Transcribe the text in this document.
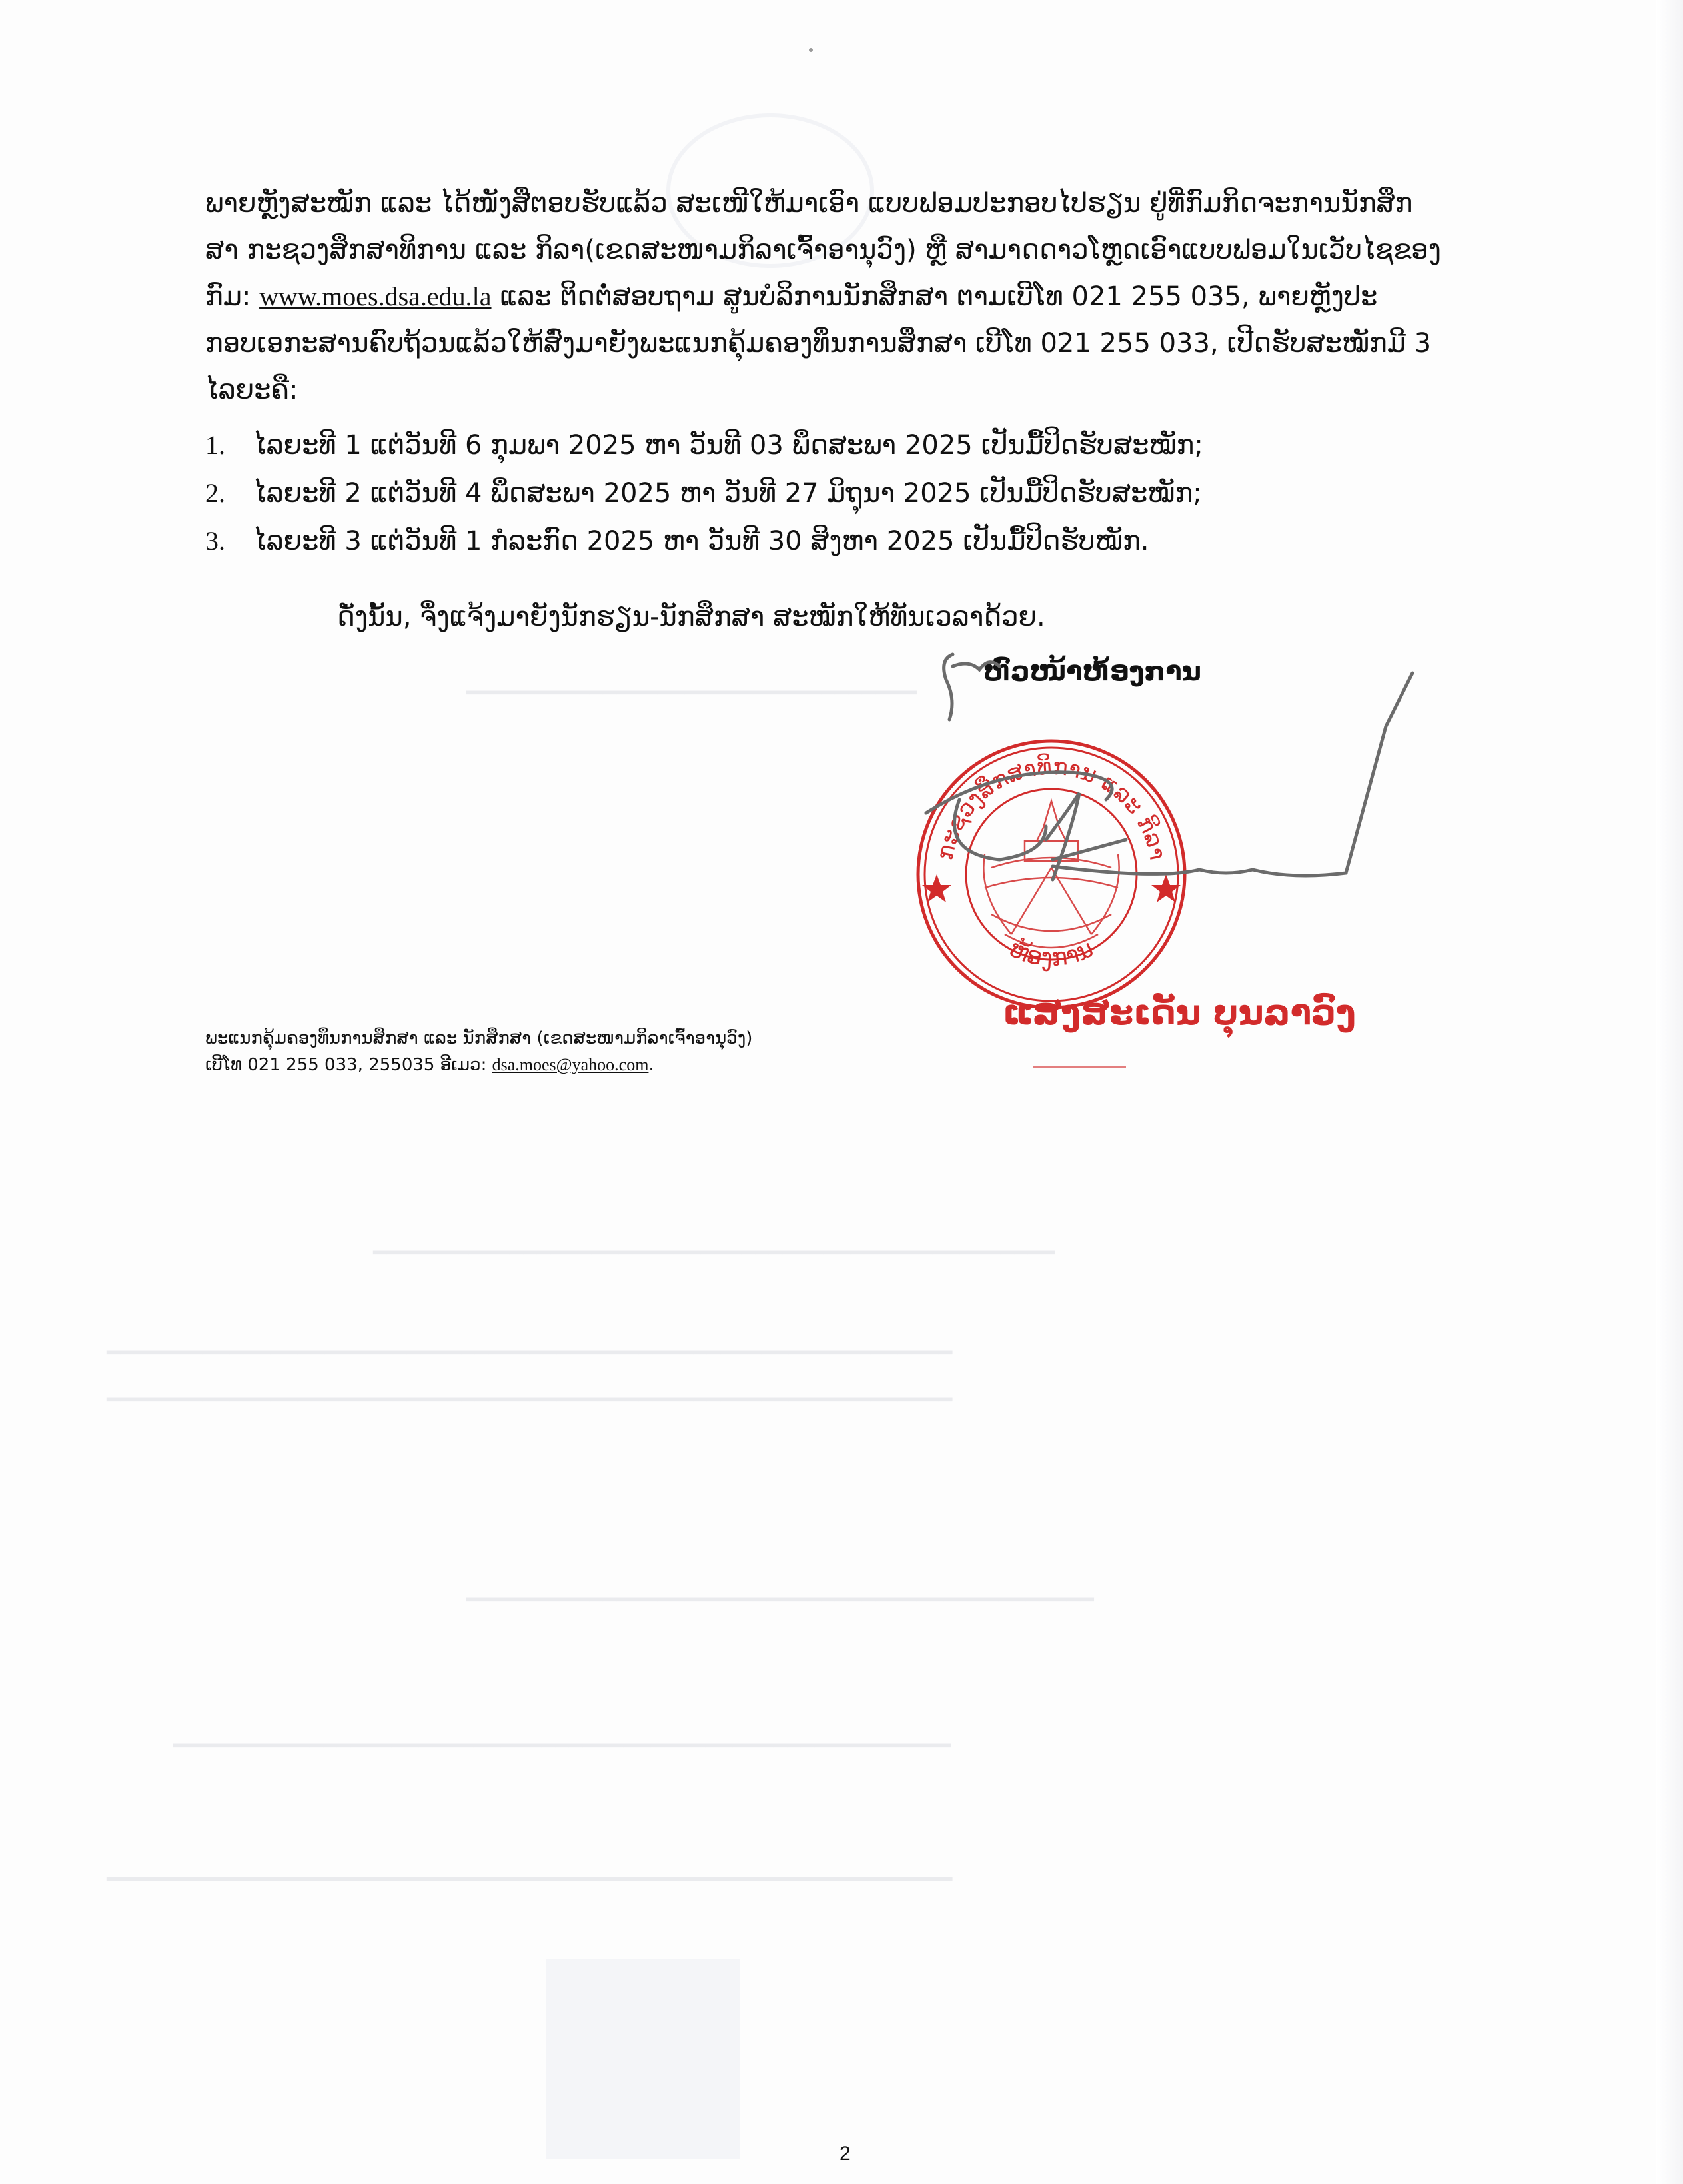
━━━━━━━━━━━━━━━━━━━━━━━━━━━━━━━━━
━━━━━━━━━━━━━━━━━━━━━━━━━━━━━━━━━━━━━━━━━━━━━━━━━━
━━━━━━━━━━━━━━━━━━━━━━━━━━━━━━━━━━━━━━━━━━━━━━━━━━━━━━━━━━━━━━
━━━━━━━━━━━━━━━━━━━━━━━━━━━━━━━━━━━━━━━━━━━━━━━━━━━━━━━━━━━━━━
━━━━━━━━━━━━━━━━━━━━━━━━━━━━━━━━━━━━━━━━━━━━━━
━━━━━━━━━━━━━━━━━━━━━━━━━━━━━━━━━━━━━━━━━━━━━━━━━━━━━━━━━
━━━━━━━━━━━━━━━━━━━━━━━━━━━━━━━━━━━━━━━━━━━━━━━━━━━━━━━━━━━━━━

ພາຍຫຼັງສະໝັກ ແລະ ໄດ້ໜັງສືຕອບຮັບແລ້ວ ສະເໜີໃຫ້ມາເອົາ ແບບຟອມປະກອບໄປຮຽນ ຢູ່ທີ່ກົມກິດຈະການນັກສຶກ

ສາ ກະຊວງສຶກສາທິການ ແລະ ກິລາ(ເຂດສະໜາມກິລາເຈົ້າອານຸວົງ) ຫຼື ສາມາດດາວໂຫຼດເອົາແບບຟອມໃນເວັບໄຊຂອງ

ກົມ: www.moes.dsa.edu.la ແລະ ຕິດຕໍ່ສອບຖາມ ສູນບໍລິການນັກສຶກສາ ຕາມເບີໂທ 021 255 035, ພາຍຫຼັງປະ

ກອບເອກະສານຄົບຖ້ວນແລ້ວໃຫ້ສົ່ງມາຍັງພະແນກຄຸ້ມຄອງທຶນການສຶກສາ ເບີໂທ 021 255 033, ເປີດຮັບສະໝັກມີ 3

ໄລຍະຄື:

1.	ໄລຍະທີ 1 ແຕ່ວັນທີ 6 ກຸມພາ 2025 ຫາ ວັນທີ 03 ພຶດສະພາ 2025 ເປັນມື້ປິດຮັບສະໝັກ;
2.	ໄລຍະທີ 2 ແຕ່ວັນທີ 4 ພຶດສະພາ 2025 ຫາ ວັນທີ 27 ມິຖຸນາ 2025 ເປັນມື້ປິດຮັບສະໝັກ;
3.	ໄລຍະທີ 3 ແຕ່ວັນທີ 1 ກໍລະກົດ 2025 ຫາ ວັນທີ 30 ສິງຫາ 2025 ເປັນມື້ປິດຮັບໝັກ.
ດັ່ງນັ້ນ, ຈຶ່ງແຈ້ງມາຍັງນັກຮຽນ-ນັກສຶກສາ ສະໝັກໃຫ້ທັນເວລາດ້ວຍ.
ຫົວໜ້າຫ້ອງການ
ກະຊວງສຶກສາທິການ ແລະ ກິລາ
ຫ້ອງການ
ແສງສະເດັນ ບຸນລາວົງ
ພະແນກຄຸ້ມຄອງທຶນການສຶກສາ ແລະ ນັກສຶກສາ (ເຂດສະໜາມກິລາເຈົ້າອານຸວົງ)
ເບີໂທ 021 255 033, 255035 ອີເມວ: dsa.moes@yahoo.com.
2
